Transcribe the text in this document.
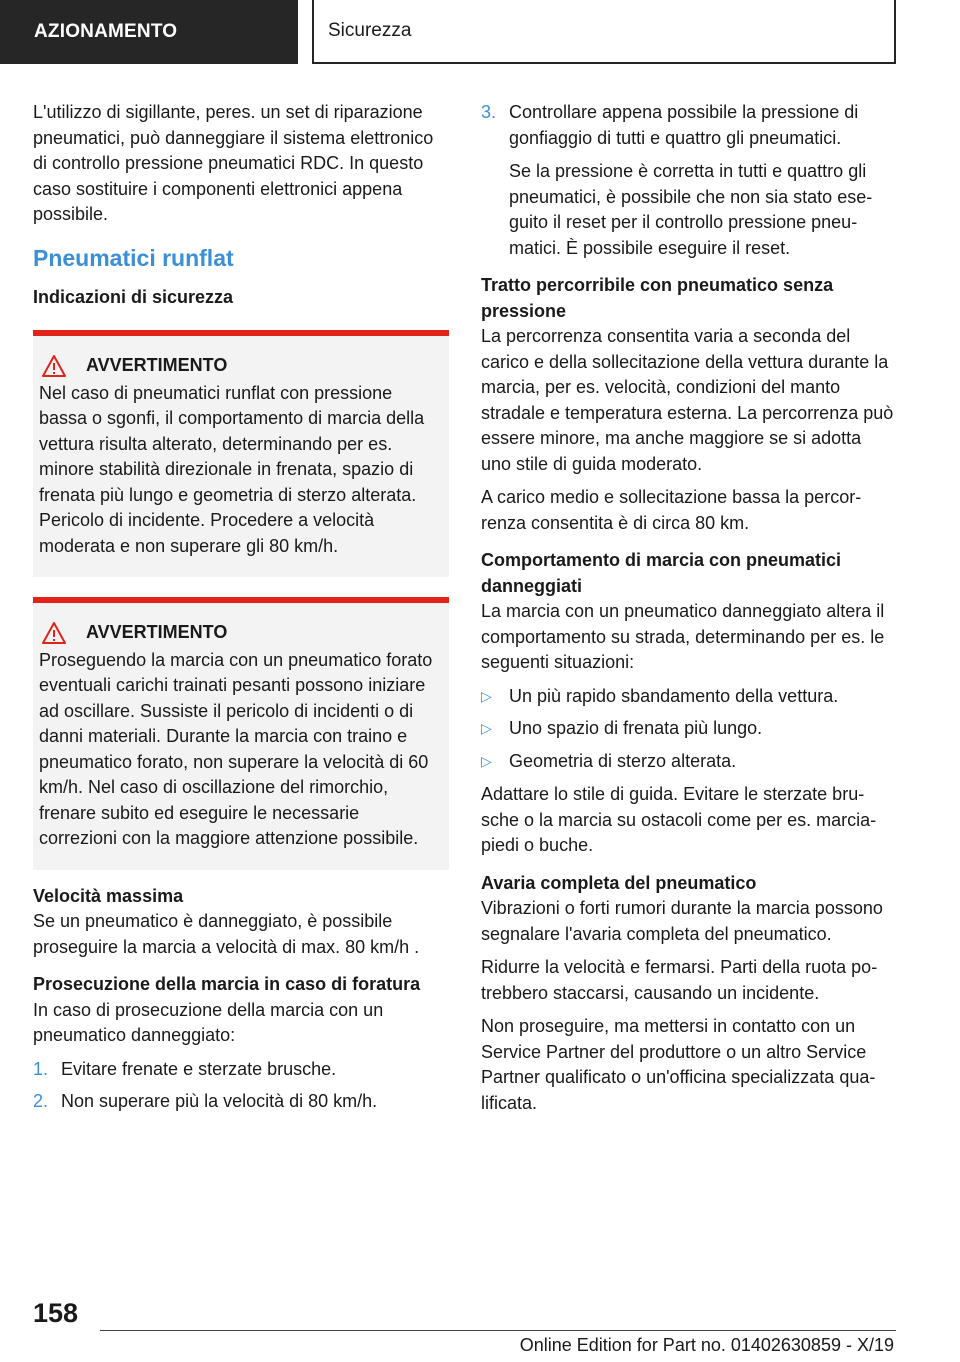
AZIONAMENTO	Sicurezza

L'utilizzo di sigillante, peres. un set di riparazione pneumatici, può danneggiare il sistema elettronico di controllo pressione pneumatici RDC. In questo caso sostituire i componenti elettronici appena possibile.

Pneumatici runflat
Indicazioni di sicurezza
AVVERTIMENTO

Nel caso di pneumatici runflat con pressione bassa o sgonfi, il comportamento di marcia della vettura risulta alterato, determinando per es. minore stabilità direzionale in frenata, spazio di frenata più lungo e geometria di sterzo alterata. Pericolo di incidente. Procedere a velocità moderata e non superare gli 80 km/h.

AVVERTIMENTO

Proseguendo la marcia con un pneumatico forato eventuali carichi trainati pesanti possono iniziare ad oscillare. Sussiste il pericolo di incidenti o di danni materiali. Durante la marcia con traino e pneumatico forato, non superare la velocità di 60 km/h. Nel caso di oscillazione del rimorchio, frenare subito ed eseguire le necessarie correzioni con la maggiore attenzione possibile.

Velocità massima

Se un pneumatico è danneggiato, è possibile proseguire la marcia a velocità di max. 80 km/h .

Prosecuzione della marcia in caso di foratura

In caso di prosecuzione della marcia con un pneumatico danneggiato:

1. Evitare frenate e sterzate brusche.
2. Non superare più la velocità di 80 km/h.
3. Controllare appena possibile la pressione di gonfiaggio di tutti e quattro gli pneumatici.

Se la pressione è corretta in tutti e quattro gli pneumatici, è possibile che non sia stato eseguito il reset per il controllo pressione pneumatici. È possibile eseguire il reset.

Tratto percorribile con pneumatico senza pressione

La percorrenza consentita varia a seconda del carico e della sollecitazione della vettura durante la marcia, per es. velocità, condizioni del manto stradale e temperatura esterna. La percorrenza può essere minore, ma anche maggiore se si adotta uno stile di guida moderato.

A carico medio e sollecitazione bassa la percorrenza consentita è di circa 80 km.

Comportamento di marcia con pneumatici danneggiati

La marcia con un pneumatico danneggiato altera il comportamento su strada, determinando per es. le seguenti situazioni:

▷ Un più rapido sbandamento della vettura.
▷ Uno spazio di frenata più lungo.
▷ Geometria di sterzo alterata.

Adattare lo stile di guida. Evitare le sterzate brusche o la marcia su ostacoli come per es. marciapiedi o buche.

Avaria completa del pneumatico

Vibrazioni o forti rumori durante la marcia possono segnalare l'avaria completa del pneumatico.

Ridurre la velocità e fermarsi. Parti della ruota potrebbero staccarsi, causando un incidente.

Non proseguire, ma mettersi in contatto con un Service Partner del produttore o un altro Service Partner qualificato o un'officina specializzata qualificata.

158
Online Edition for Part no. 01402630859 - X/19
